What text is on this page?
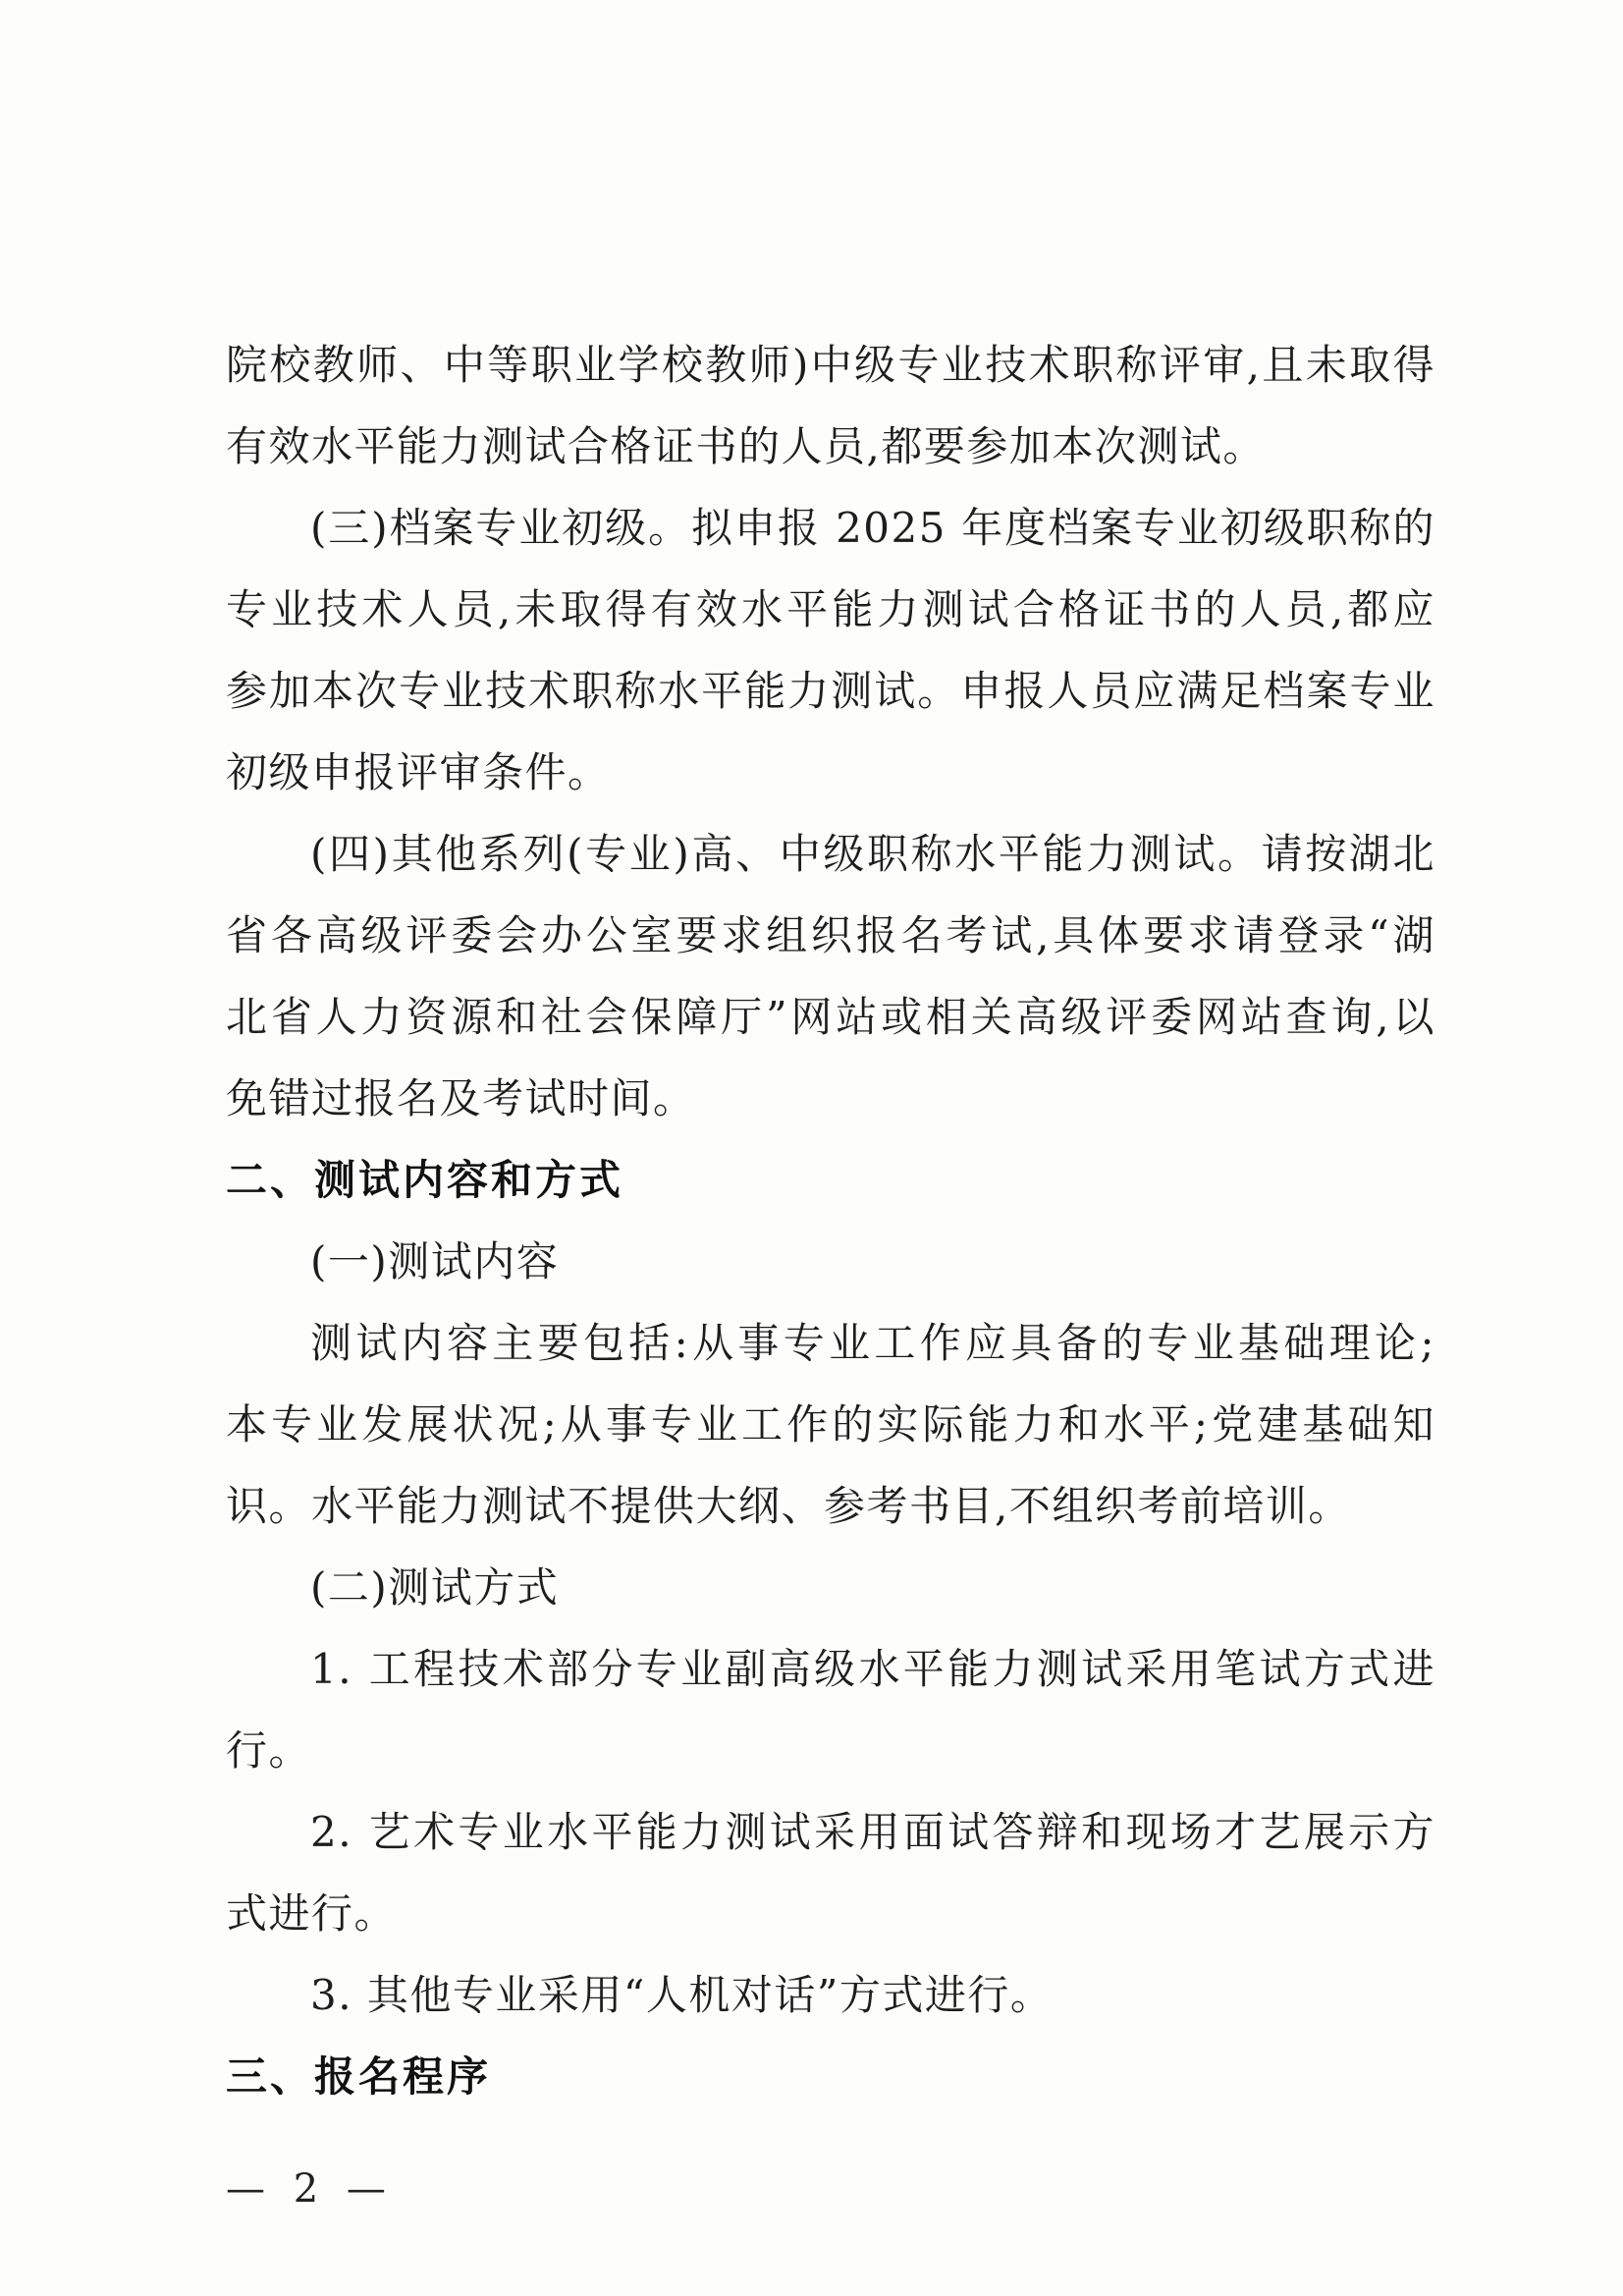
院校教师、中等职业学校教师)中级专业技术职称评审,且未取得
有效水平能力测试合格证书的人员,都要参加本次测试。
(三)档案专业初级。拟申报 2025 年度档案专业初级职称的
专业技术人员,未取得有效水平能力测试合格证书的人员,都应
参加本次专业技术职称水平能力测试。申报人员应满足档案专业
初级申报评审条件。
(四)其他系列(专业)高、中级职称水平能力测试。请按湖北
省各高级评委会办公室要求组织报名考试,具体要求请登录“湖
北省人力资源和社会保障厅”网站或相关高级评委网站查询,以
免错过报名及考试时间。
二、测试内容和方式
(一)测试内容
测试内容主要包括:从事专业工作应具备的专业基础理论;
本专业发展状况;从事专业工作的实际能力和水平;党建基础知
识。水平能力测试不提供大纲、参考书目,不组织考前培训。
(二)测试方式
1. 工程技术部分专业副高级水平能力测试采用笔试方式进
行。
2. 艺术专业水平能力测试采用面试答辩和现场才艺展示方
式进行。
3. 其他专业采用“人机对话”方式进行。
三、报名程序
— 2 —
